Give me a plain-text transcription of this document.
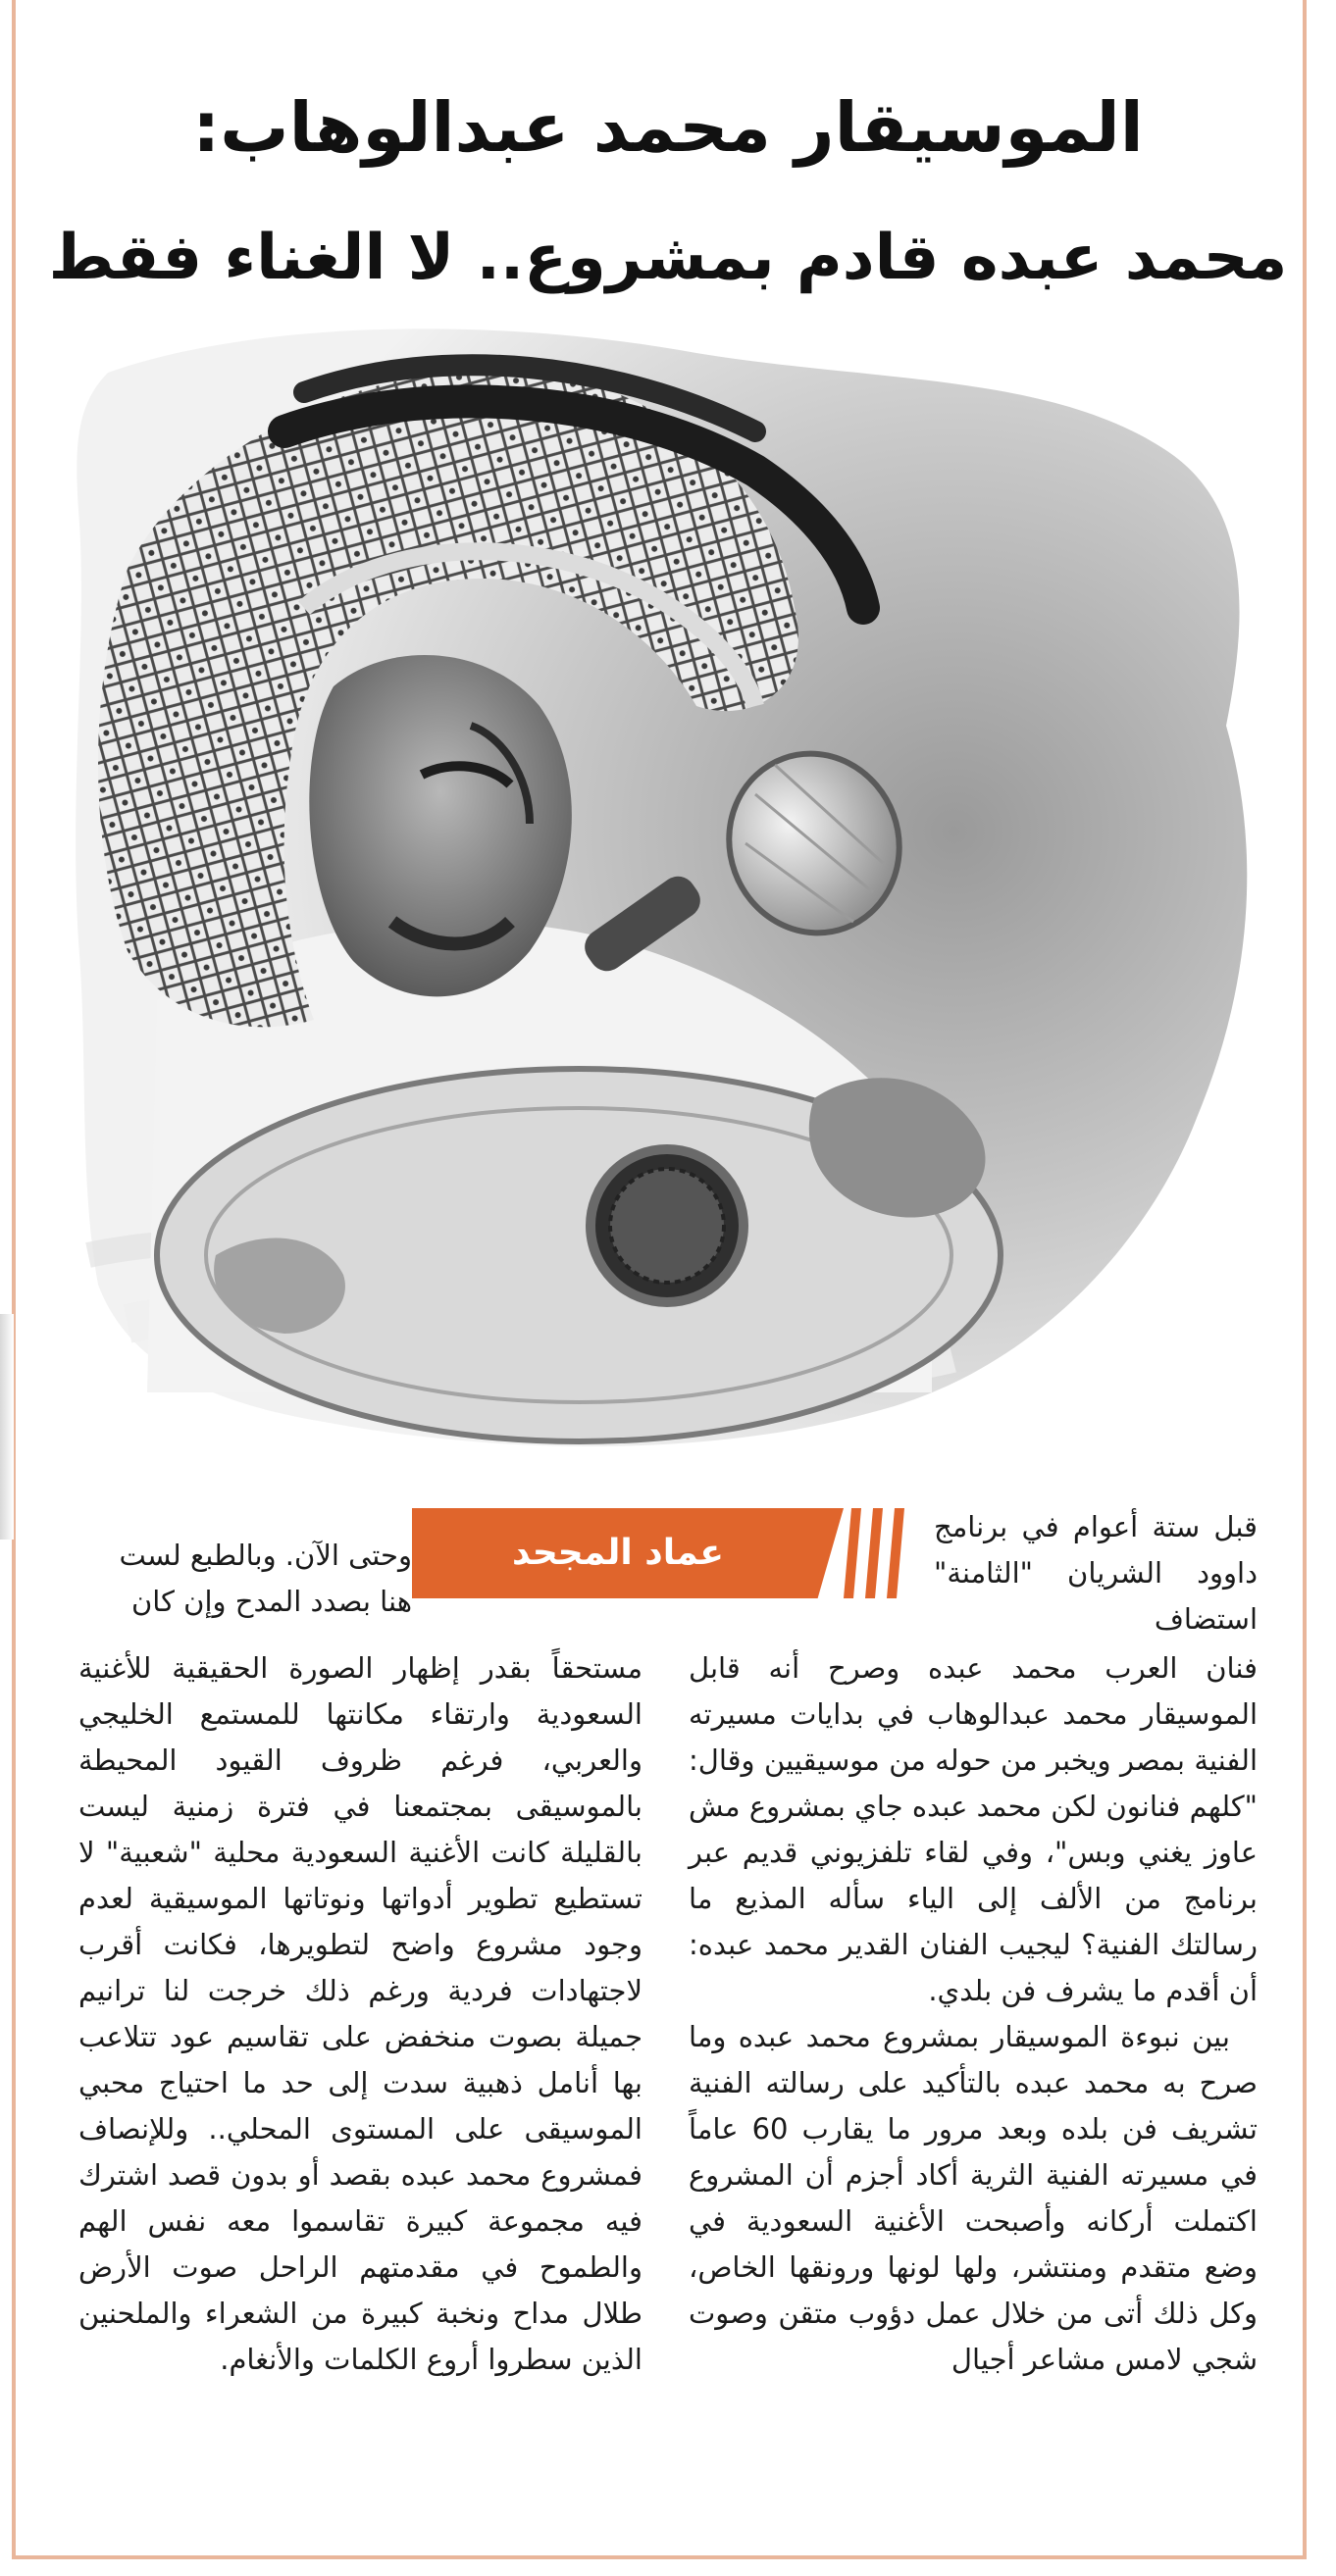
الموسيقار محمد عبدالوهاب:
محمد عبده قادم بمشروع.. لا الغناء فقط
عماد المجحد

قبل ستة أعوام في برنامج داوود الشريان "الثامنة" استضاف

فنان العرب محمد عبده وصرح أنه قابل الموسيقار محمد عبدالوهاب في بدايات مسيرته الفنية بمصر ويخبر من حوله من موسيقيين وقال: "كلهم فنانون لكن محمد عبده جاي بمشروع مش عاوز يغني وبس"، وفي لقاء تلفزيوني قديم عبر برنامج من الألف إلى الياء سأله المذيع ما رسالتك الفنية؟ ليجيب الفنان القدير محمد عبده: أن أقدم ما يشرف فن بلدي.

بين نبوءة الموسيقار بمشروع محمد عبده وما صرح به محمد عبده بالتأكيد على رسالته الفنية تشريف فن بلده وبعد مرور ما يقارب 60 عاماً في مسيرته الفنية الثرية أكاد أجزم أن المشروع اكتملت أركانه وأصبحت الأغنية السعودية في وضع متقدم ومنتشر، ولها لونها ورونقها الخاص، وكل ذلك أتى من خلال عمل دؤوب متقن وصوت شجي لامس مشاعر أجيال

وحتى الآن. وبالطبع لست هنا بصدد المدح وإن كان

مستحقاً بقدر إظهار الصورة الحقيقية للأغنية السعودية وارتقاء مكانتها للمستمع الخليجي والعربي، فرغم ظروف القيود المحيطة بالموسيقى بمجتمعنا في فترة زمنية ليست بالقليلة كانت الأغنية السعودية محلية "شعبية" لا تستطيع تطوير أدواتها ونوتاتها الموسيقية لعدم وجود مشروع واضح لتطويرها، فكانت أقرب لاجتهادات فردية ورغم ذلك خرجت لنا ترانيم جميلة بصوت منخفض على تقاسيم عود تتلاعب بها أنامل ذهبية سدت إلى حد ما احتياج محبي الموسيقى على المستوى المحلي.. وللإنصاف فمشروع محمد عبده بقصد أو بدون قصد اشترك فيه مجموعة كبيرة تقاسموا معه نفس الهم والطموح في مقدمتهم الراحل صوت الأرض طلال مداح ونخبة كبيرة من الشعراء والملحنين الذين سطروا أروع الكلمات والأنغام.
